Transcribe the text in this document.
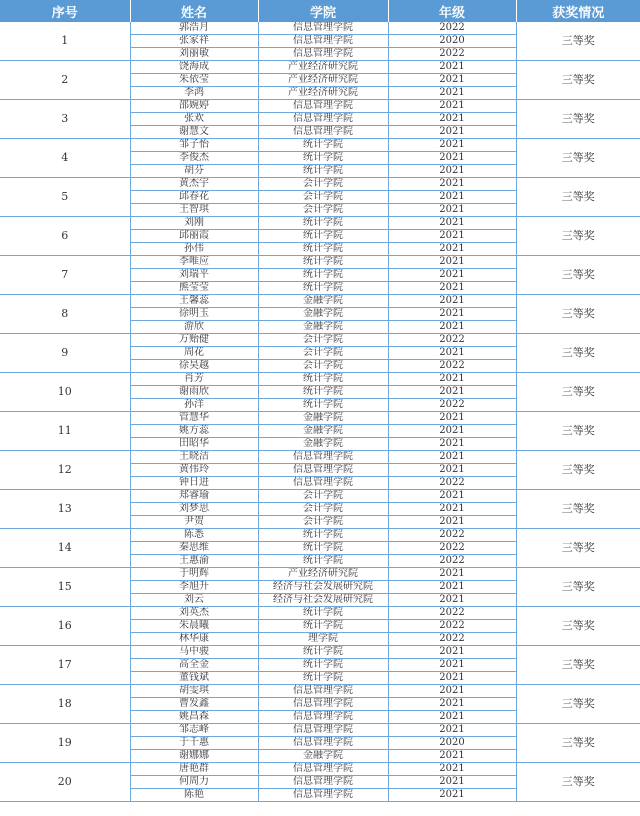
序号	姓名	学院	年级	获奖情况
1	郭浩月	信息管理学院	2022	三等奖
	张家祥	信息管理学院	2020	
	刘丽敏	信息管理学院	2022	
2	饶海成	产业经济研究院	2021	三等奖
	朱依莹	产业经济研究院	2021	
	李鸿	产业经济研究院	2021	
3	邵婉婷	信息管理学院	2021	三等奖
	张欢	信息管理学院	2021	
	谢慧文	信息管理学院	2021	
4	邹子怡	统计学院	2021	三等奖
	李俊杰	统计学院	2021	
	胡芬	统计学院	2021	
5	黄杰宇	会计学院	2021	三等奖
	邱春花	会计学院	2021	
	王智琪	会计学院	2021	
6	刘刚	统计学院	2021	三等奖
	邱丽霞	统计学院	2021	
	孙伟	统计学院	2021	
7	李唯应	统计学院	2021	三等奖
	刘瑞平	统计学院	2021	
	熊莹莹	统计学院	2021	
8	王馨蕊	金融学院	2021	三等奖
	徐明玉	金融学院	2021	
	游欣	金融学院	2021	
9	万贻健	会计学院	2022	三等奖
	周花	会计学院	2021	
	徐昊越	会计学院	2022	
10	肖芳	统计学院	2021	三等奖
	谢雨欣	统计学院	2021	
	孙洋	统计学院	2022	
11	管慧华	金融学院	2021	三等奖
	姚方蕊	金融学院	2021	
	田昭华	金融学院	2021	
12	王晓洁	信息管理学院	2021	三等奖
	黄伟玲	信息管理学院	2021	
	钟日进	信息管理学院	2022	
13	郑睿瑜	会计学院	2021	三等奖
	刘梦思	会计学院	2021	
	尹贺	会计学院	2021	
14	陈悉	统计学院	2022	三等奖
	秦思维	统计学院	2022	
	王惠渝	统计学院	2022	
15	于明辉	产业经济研究院	2021	三等奖
	李旭升	经济与社会发展研究院	2021	
	刘云	经济与社会发展研究院	2021	
16	刘英杰	统计学院	2022	三等奖
	朱晨曦	统计学院	2022	
	林华康	理学院	2022	
17	马中骏	统计学院	2021	三等奖
	高全金	统计学院	2021	
	董钱斌	统计学院	2021	
18	胡雯琪	信息管理学院	2021	三等奖
	曹发鑫	信息管理学院	2021	
	姚昌森	信息管理学院	2021	
19	邹志峰	信息管理学院	2021	三等奖
	于千惠	信息管理学院	2020	
	谢娜娜	金融学院	2021	
20	唐艳群	信息管理学院	2021	三等奖
	何周力	信息管理学院	2021	
	陈艳	信息管理学院	2021	
